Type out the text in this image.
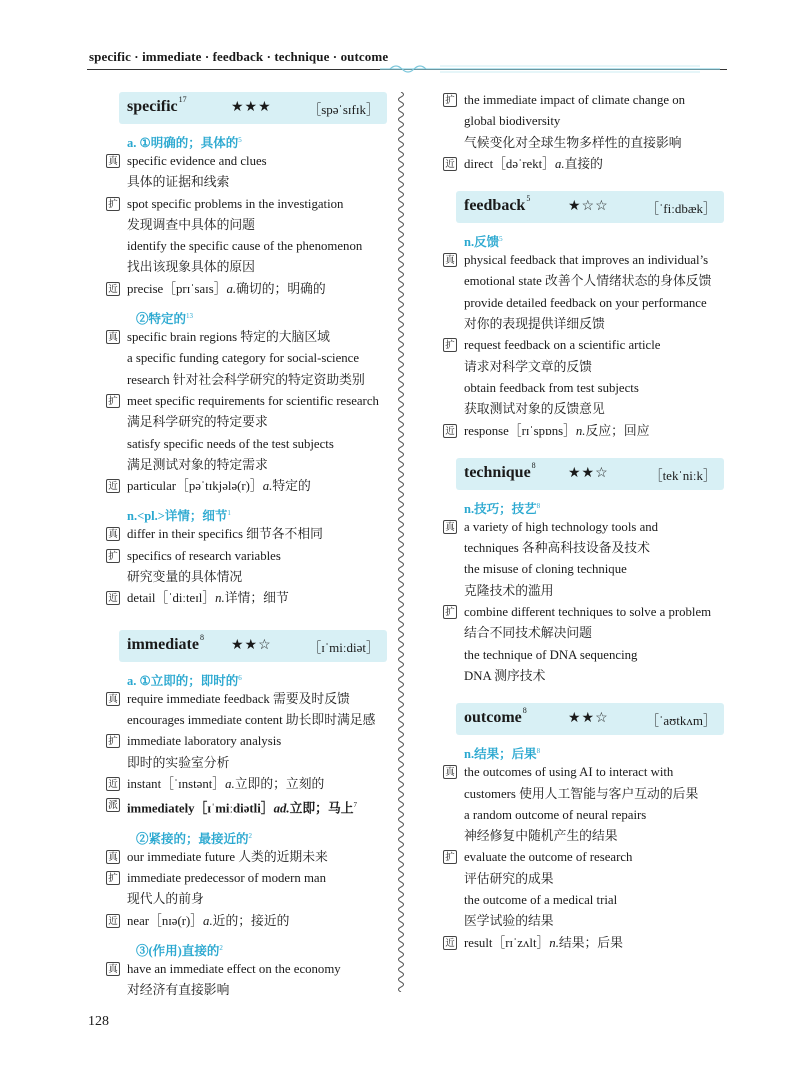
specific · immediate · feedback · technique · outcome
specific$^{17}$
★★★	［spəˈsɪfɪk］
a. ①明确的；具体的$^5$
真 specific evidence and clues
具体的证据和线索
扩 spot specific problems in the investigation
发现调查中具体的问题
identify the specific cause of the phenomenon
找出该现象具体的原因
近 precise［prɪˈsaɪs］a.确切的；明确的
②特定的$^{13}$
真 specific brain regions 特定的大脑区域
a specific funding category for social-science
research 针对社会科学研究的特定资助类别
扩 meet specific requirements for scientific research
满足科学研究的特定要求
satisfy specific needs of the test subjects
满足测试对象的特定需求
近 particular［pəˈtɪkjələ(r)］a.特定的
n.<pl.>详情；细节$^1$
真 differ in their specifics 细节各不相同
扩 specifics of research variables
研究变量的具体情况
近 detail［ˈdiːteɪl］n.详情；细节
immediate$^8$
★★☆	［ɪˈmiːdiət］
a. ①立即的；即时的$^6$
真 require immediate feedback 需要及时反馈
encourages immediate content 助长即时满足感
扩 immediate laboratory analysis
即时的实验室分析
近 instant［ˈɪnstənt］a.立即的；立刻的
派 immediately［ɪˈmiːdiətli］ad.立即；马上$^7$
②紧接的；最接近的$^2$
真 our immediate future 人类的近期未来
扩 immediate predecessor of modern man
现代人的前身
近 near［nɪə(r)］a.近的；接近的
③(作用)直接的$^2$
真 have an immediate effect on the economy
对经济有直接影响
扩 the immediate impact of climate change on
global biodiversity
气候变化对全球生物多样性的直接影响
近 direct［dəˈrekt］a.直接的
feedback$^5$
★☆☆	［ˈfiːdbæk］
n.反馈$^5$
真 physical feedback that improves an individual’s
emotional state 改善个人情绪状态的身体反馈
provide detailed feedback on your performance
对你的表现提供详细反馈
扩 request feedback on a scientific article
请求对科学文章的反馈
obtain feedback from test subjects
获取测试对象的反馈意见
近 response［rɪˈspɒns］n.反应；回应
technique$^8$
★★☆	［tekˈniːk］
n.技巧；技艺$^8$
真 a variety of high technology tools and
techniques 各种高科技设备及技术
the misuse of cloning technique
克隆技术的滥用
扩 combine different techniques to solve a problem
结合不同技术解决问题
the technique of DNA sequencing
DNA 测序技术
outcome$^8$
★★☆	［ˈaʊtkʌm］
n.结果；后果$^8$
真 the outcomes of using AI to interact with
customers 使用人工智能与客户互动的后果
a random outcome of neural repairs
神经修复中随机产生的结果
扩 evaluate the outcome of research
评估研究的成果
the outcome of a medical trial
医学试验的结果
近 result［rɪˈzʌlt］n.结果；后果
128
